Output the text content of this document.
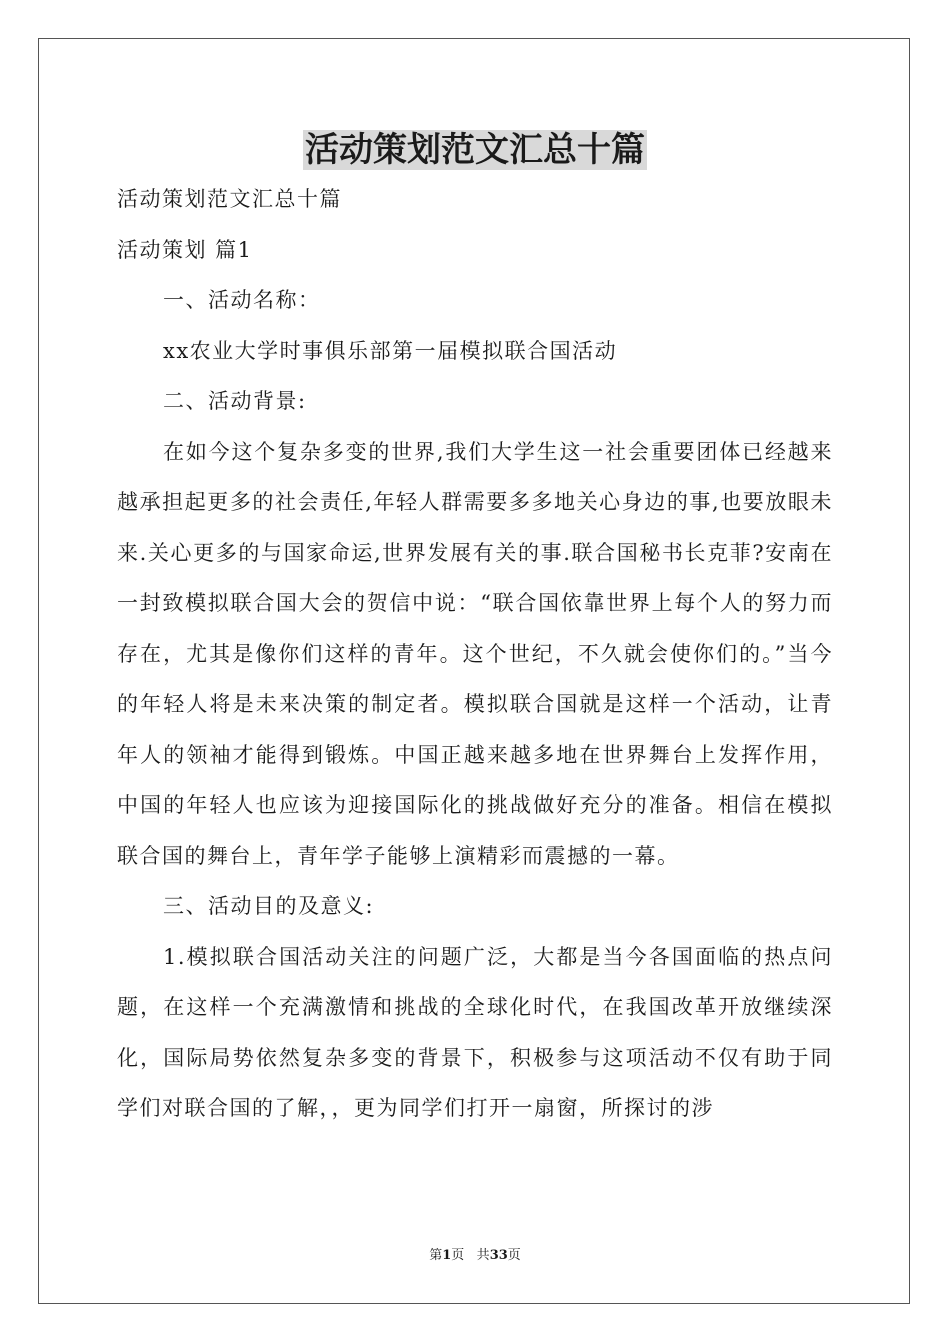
活动策划范文汇总十篇

活动策划范文汇总十篇

活动策划 篇1

一、活动名称：

xx农业大学时事俱乐部第一届模拟联合国活动

二、活动背景:

在如今这个复杂多变的世界,我们大学生这一社会重要团体已经越来越承担起更多的社会责任,年轻人群需要多多地关心身边的事,也要放眼未来.关心更多的与国家命运,世界发展有关的事.联合国秘书长克菲?安南在一封致模拟联合国大会的贺信中说：“联合国依靠世界上每个人的努力而存在，尤其是像你们这样的青年。这个世纪，不久就会使你们的。”当今的年轻人将是未来决策的制定者。模拟联合国就是这样一个活动，让青年人的领袖才能得到锻炼。中国正越来越多地在世界舞台上发挥作用，中国的年轻人也应该为迎接国际化的挑战做好充分的准备。相信在模拟联合国的舞台上，青年学子能够上演精彩而震撼的一幕。

三、活动目的及意义:

1.模拟联合国活动关注的问题广泛，大都是当今各国面临的热点问题，在这样一个充满激情和挑战的全球化时代，在我国改革开放继续深化，国际局势依然复杂多变的背景下，积极参与这项活动不仅有助于同学们对联合国的了解，，更为同学们打开一扇窗，所探讨的涉

第1页 共33页
